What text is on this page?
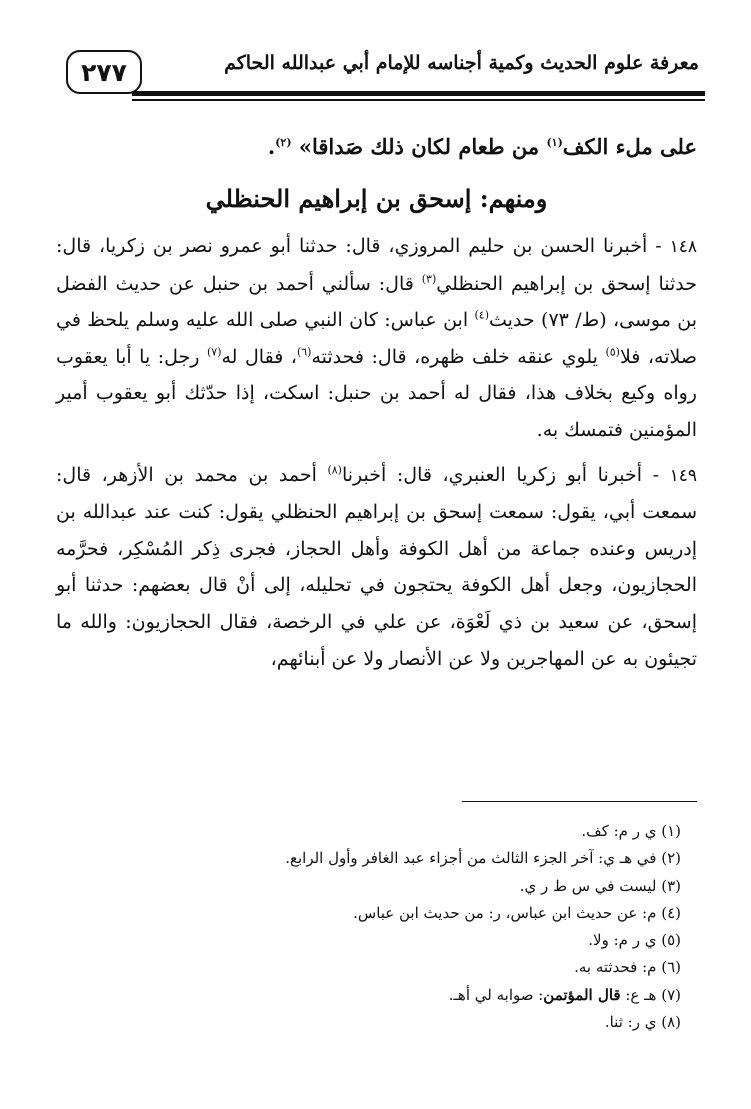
معرفة علوم الحديث وكمية أجناسه للإمام أبي عبدالله الحاكم
٢٧٧

على ملء الكف$^{(١)}$ من طعام لكان ذلك صَداقا» $^{(٢)}$.

ومنهم: إسحق بن إبراهيم الحنظلي

١٤٨ - أخبرنا الحسن بن حليم المروزي، قال: حدثنا أبو عمرو نصر بن زكريا، قال: حدثنا إسحق بن إبراهيم الحنظلي$^{(٣)}$ قال: سألني أحمد بن حنبل عن حديث الفضل بن موسى، (ط/ ٧٣) حديث$^{(٤)}$ ابن عباس: كان النبي صلى الله عليه وسلم يلحظ في صلاته، فلا$^{(٥)}$ يلوي عنقه خلف ظهره، قال: فحدثته$^{(٦)}$، فقال له$^{(٧)}$ رجل: يا أبا يعقوب رواه وكيع بخلاف هذا، فقال له أحمد بن حنبل: اسكت، إذا حدّثك أبو يعقوب أمير المؤمنين فتمسك به.

١٤٩ - أخبرنا أبو زكريا العنبري، قال: أخبرنا$^{(٨)}$ أحمد بن محمد بن الأزهر، قال: سمعت أبي، يقول: سمعت إسحق بن إبراهيم الحنظلي يقول: كنت عند عبدالله بن إدريس وعنده جماعة من أهل الكوفة وأهل الحجاز، فجرى ذِكر المُسْكِر، فحرَّمه الحجازيون، وجعل أهل الكوفة يحتجون في تحليله، إلى أنْ قال بعضهم: حدثنا أبو إسحق، عن سعيد بن ذي لَعْوَة، عن علي في الرخصة، فقال الحجازيون: والله ما تجيئون به عن المهاجرين ولا عن الأنصار ولا عن أبنائهم،

(١) ي ر م: كف.
(٢) في هـ ي: آخر الجزء الثالث من أجزاء عبد الغافر وأول الرابع.
(٣) ليست في س ط ر ي.
(٤) م: عن حديث ابن عباس، ر: من حديث ابن عباس.
(٥) ي ر م: ولا.
(٦) م: فحدثته به.
(٧) هـ ع: قال المؤتمن: صوابه لي أهـ.
(٨) ي ر: ثنا.
